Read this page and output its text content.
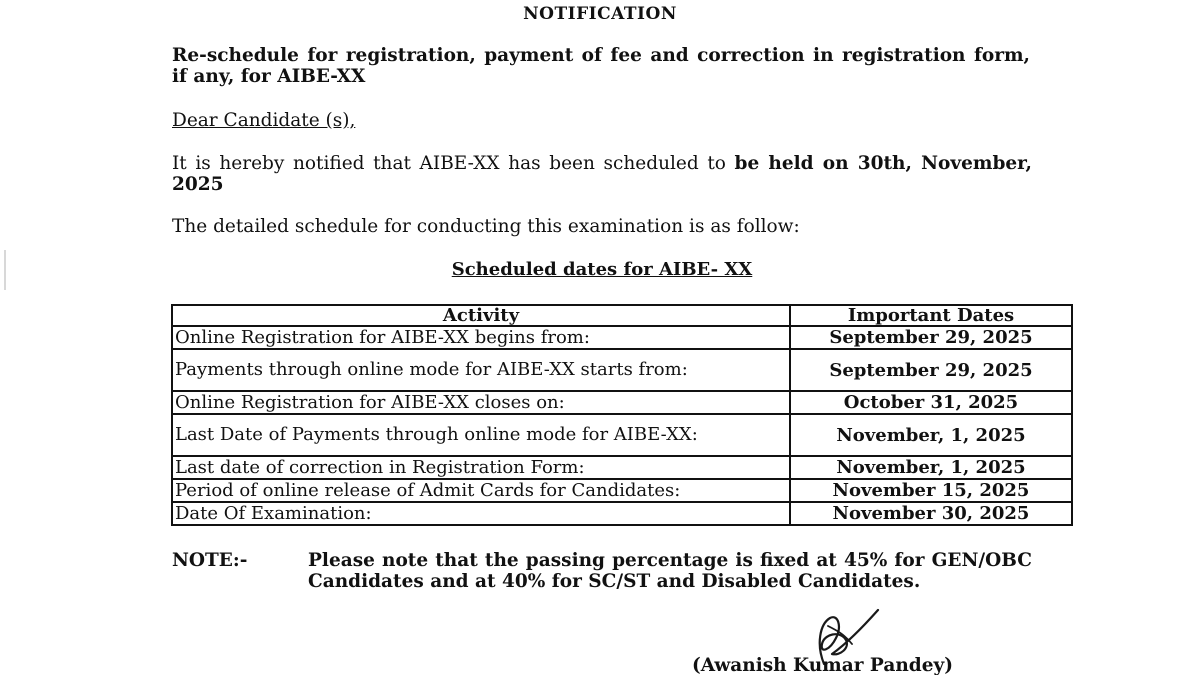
NOTIFICATION
Re-schedule for registration, payment of fee and correction in registration form, if any, for AIBE-XX
Dear Candidate (s),
It is hereby notified that AIBE-XX has been scheduled to be held on 30th, November, 2025
The detailed schedule for conducting this examination is as follow:
Scheduled dates for AIBE- XX
Activity	Important Dates
Online Registration for AIBE-XX begins from:	September 29, 2025
Payments through online mode for AIBE-XX starts from:	September 29, 2025
Online Registration for AIBE-XX closes on:	October 31, 2025
Last Date of Payments through online mode for AIBE-XX:	November, 1, 2025
Last date of correction in Registration Form:	November, 1, 2025
Period of online release of Admit Cards for Candidates:	November 15, 2025
Date Of Examination:	November 30, 2025
NOTE:-	Please note that the passing percentage is fixed at 45% for GEN/OBC Candidates and at 40% for SC/ST and Disabled Candidates.
(Awanish Kumar Pandey)
